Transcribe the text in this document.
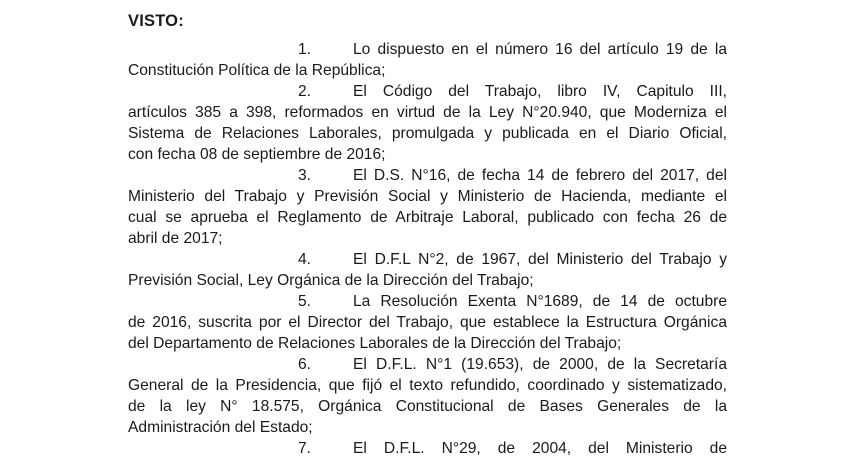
VISTO:
1.	Lo dispuesto en el número 16 del artículo 19 de la
Constitución Política de la República;
2.	El Código del Trabajo, libro IV, Capitulo III,
artículos 385 a 398, reformados en virtud de la Ley N°20.940, que Moderniza el
Sistema de Relaciones Laborales, promulgada y publicada en el Diario Oficial,
con fecha 08 de septiembre de 2016;
3.	El D.S. N°16, de fecha 14 de febrero del 2017, del
Ministerio del Trabajo y Previsión Social y Ministerio de Hacienda, mediante el
cual se aprueba el Reglamento de Arbitraje Laboral, publicado con fecha 26 de
abril de 2017;
4.	El D.F.L N°2, de 1967, del Ministerio del Trabajo y
Previsión Social, Ley Orgánica de la Dirección del Trabajo;
5.	La Resolución Exenta N°1689, de 14 de octubre
de 2016, suscrita por el Director del Trabajo, que establece la Estructura Orgánica
del Departamento de Relaciones Laborales de la Dirección del Trabajo;
6.	El D.F.L. N°1 (19.653), de 2000, de la Secretaría
General de la Presidencia, que fijó el texto refundido, coordinado y sistematizado,
de la ley N° 18.575, Orgánica Constitucional de Bases Generales de la
Administración del Estado;
7.	El D.F.L. N°29, de 2004, del Ministerio de
